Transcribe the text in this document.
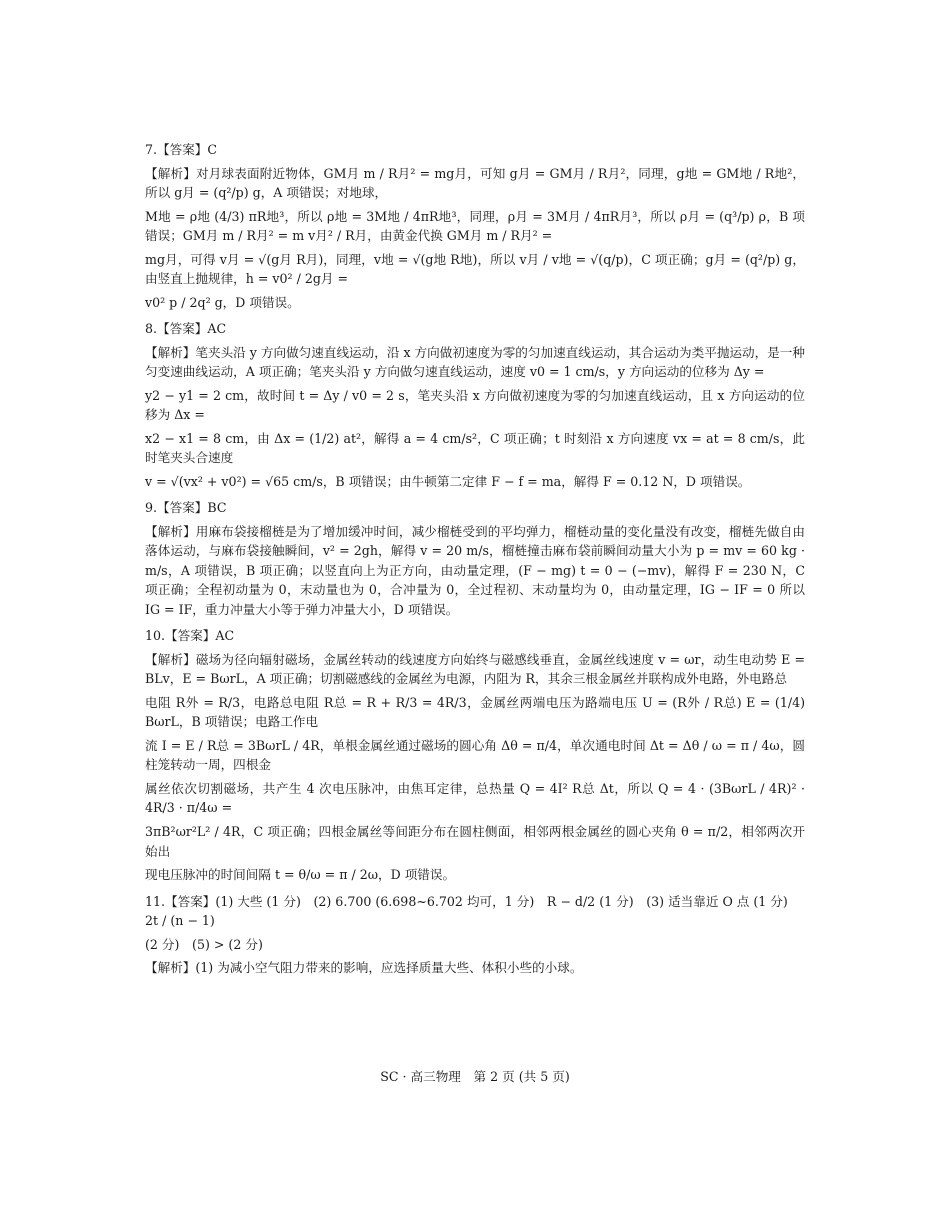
7.【答案】C
【解析】对月球表面附近物体，GM月 m / R月² = mg月，可知 g月 = GM月 / R月²，同理，g地 = GM地 / R地²，所以 g月 = (q²/p) g，A 项错误；对地球，
M地 = ρ地 (4/3) πR地³，所以 ρ地 = 3M地 / 4πR地³，同理，ρ月 = 3M月 / 4πR月³，所以 ρ月 = (q³/p) ρ，B 项错误；GM月 m / R月² = m v月² / R月，由黄金代换 GM月 m / R月² =
mg月，可得 v月 = √(g月 R月)，同理，v地 = √(g地 R地)，所以 v月 / v地 = √(q/p)，C 项正确；g月 = (q²/p) g，由竖直上抛规律，h = v0² / 2g月 =
v0² p / 2q² g，D 项错误。
8.【答案】AC
【解析】笔夹头沿 y 方向做匀速直线运动，沿 x 方向做初速度为零的匀加速直线运动，其合运动为类平抛运动，是一种匀变速曲线运动，A 项正确；笔夹头沿 y 方向做匀速直线运动，速度 v0 = 1 cm/s，y 方向运动的位移为 Δy =
y2 − y1 = 2 cm，故时间 t = Δy / v0 = 2 s，笔夹头沿 x 方向做初速度为零的匀加速直线运动，且 x 方向运动的位移为 Δx =
x2 − x1 = 8 cm，由 Δx = (1/2) at²，解得 a = 4 cm/s²，C 项正确；t 时刻沿 x 方向速度 vx = at = 8 cm/s，此时笔夹头合速度
v = √(vx² + v0²) = √65 cm/s，B 项错误；由牛顿第二定律 F − f = ma，解得 F = 0.12 N，D 项错误。
9.【答案】BC
【解析】用麻布袋接榴梿是为了增加缓冲时间，减少榴梿受到的平均弹力，榴梿动量的变化量没有改变，榴梿先做自由落体运动，与麻布袋接触瞬间，v² = 2gh，解得 v = 20 m/s，榴梿撞击麻布袋前瞬间动量大小为 p = mv = 60 kg · m/s，A 项错误，B 项正确；以竖直向上为正方向，由动量定理，(F − mg) t = 0 − (−mv)，解得 F = 230 N，C 项正确；全程初动量为 0，末动量也为 0，合冲量为 0，全过程初、末动量均为 0，由动量定理，IG − IF = 0 所以 IG = IF，重力冲量大小等于弹力冲量大小，D 项错误。
10.【答案】AC
【解析】磁场为径向辐射磁场，金属丝转动的线速度方向始终与磁感线垂直，金属丝线速度 v = ωr，动生电动势 E = BLv，E = BωrL，A 项正确；切割磁感线的金属丝为电源，内阻为 R，其余三根金属丝并联构成外电路，外电路总
电阻 R外 = R/3，电路总电阻 R总 = R + R/3 = 4R/3，金属丝两端电压为路端电压 U = (R外 / R总) E = (1/4) BωrL，B 项错误；电路工作电
流 I = E / R总 = 3BωrL / 4R，单根金属丝通过磁场的圆心角 Δθ = π/4，单次通电时间 Δt = Δθ / ω = π / 4ω，圆柱笼转动一周，四根金
属丝依次切割磁场，共产生 4 次电压脉冲，由焦耳定律，总热量 Q = 4I² R总 Δt，所以 Q = 4 · (3BωrL / 4R)² · 4R/3 · π/4ω =
3πB²ωr²L² / 4R，C 项正确；四根金属丝等间距分布在圆柱侧面，相邻两根金属丝的圆心夹角 θ = π/2，相邻两次开始出
现电压脉冲的时间间隔 t = θ/ω = π / 2ω，D 项错误。
11.【答案】(1) 大些 (1 分)　(2) 6.700 (6.698~6.702 均可，1 分)　R − d/2 (1 分)　(3) 适当靠近 O 点 (1 分)　2t / (n − 1)
(2 分)　(5) > (2 分)
【解析】(1) 为减小空气阻力带来的影响，应选择质量大些、体积小些的小球。
SC · 高三物理　第 2 页 (共 5 页)
